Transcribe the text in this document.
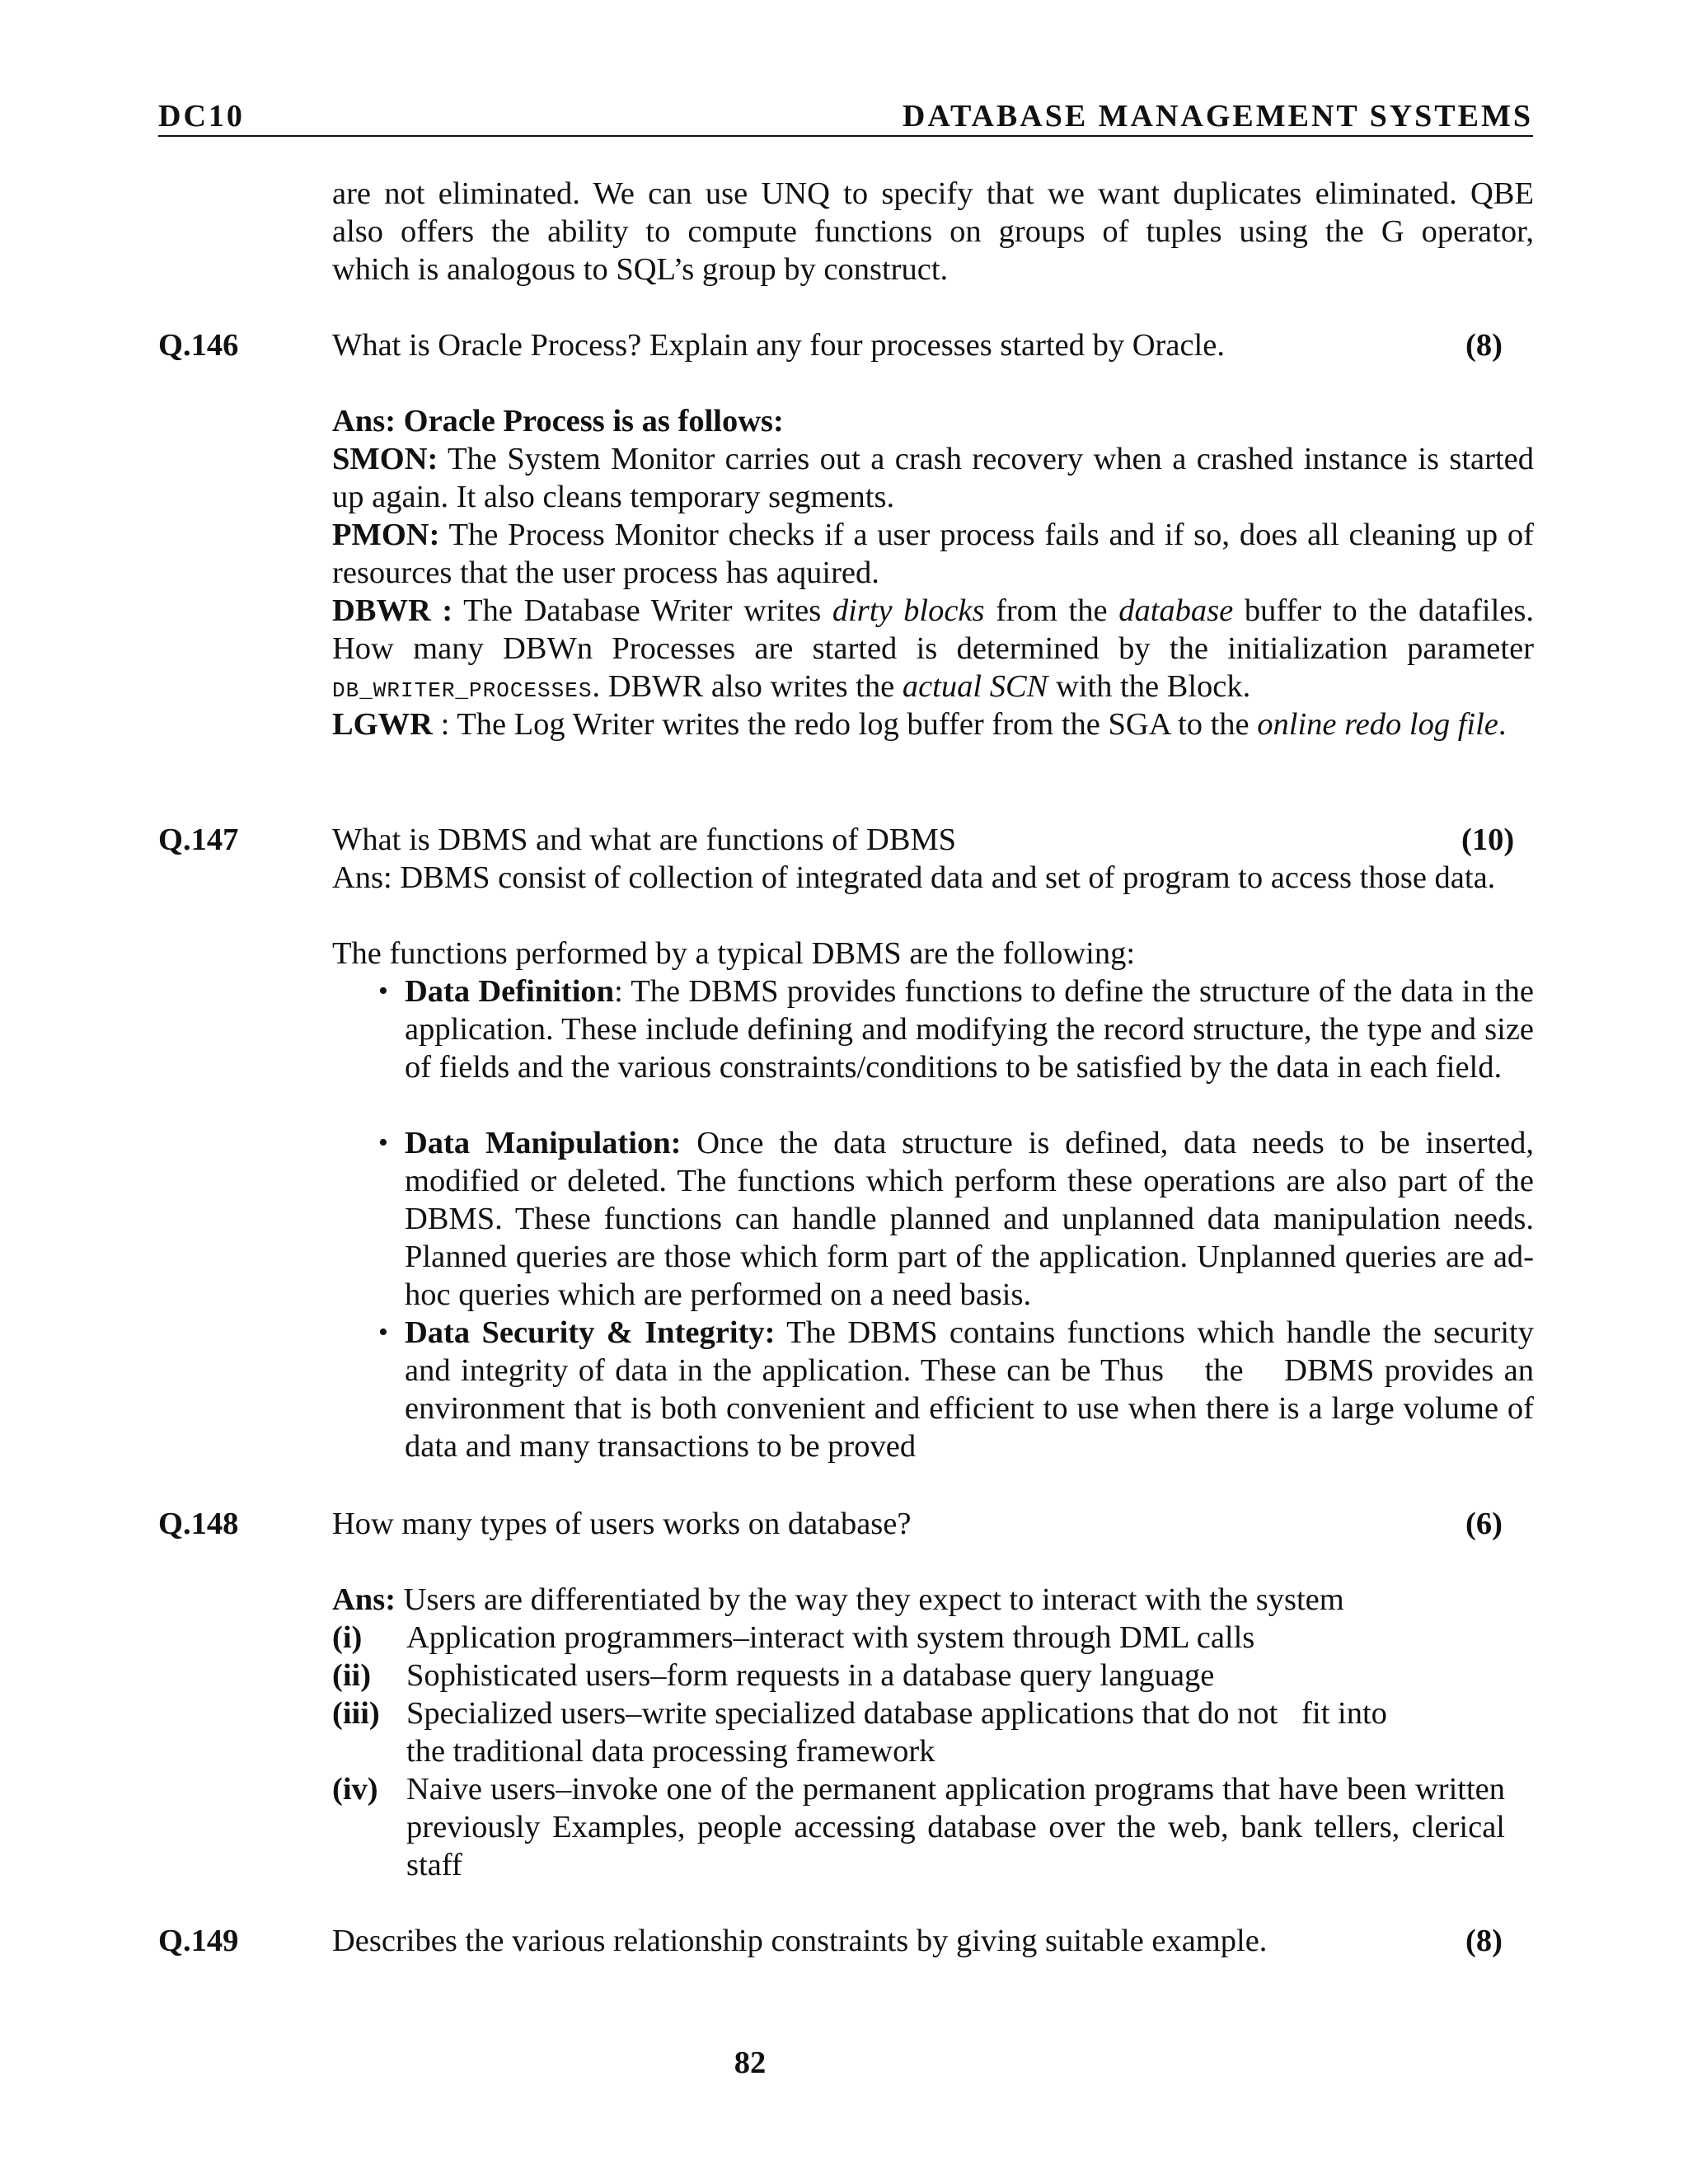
DC10	DATABASE MANAGEMENT SYSTEMS
are not eliminated. We can use UNQ to specify that we want duplicates eliminated. QBE
also offers the ability to compute functions on groups of tuples using the G operator,
which is analogous to SQL’s group by construct.
Q.146	What is Oracle Process? Explain any four processes started by Oracle.	(8)
Ans: Oracle Process is as follows:
SMON: The System Monitor carries out a crash recovery when a crashed instance is started up again. It also cleans temporary segments.
PMON: The Process Monitor checks if a user process fails and if so, does all cleaning up of resources that the user process has aquired.
DBWR : The Database Writer writes dirty blocks from the database buffer to the datafiles. How many DBWn Processes are started is determined by the initialization parameter DB_WRITER_PROCESSES. DBWR also writes the actual SCN with the Block.
LGWR : The Log Writer writes the redo log buffer from the SGA to the online redo log file.
Q.147	What is DBMS and what are functions of DBMS	(10)
Ans: DBMS consist of collection of integrated data and set of program to access those data.
The functions performed by a typical DBMS are the following:
• Data Definition: The DBMS provides functions to define the structure of the data in the application. These include defining and modifying the record structure, the type and size of fields and the various constraints/conditions to be satisfied by the data in each field.
• Data Manipulation: Once the data structure is defined, data needs to be inserted, modified or deleted. The functions which perform these operations are also part of the DBMS. These functions can handle planned and unplanned data manipulation needs. Planned queries are those which form part of the application. Unplanned queries are ad-hoc queries which are performed on a need basis.
• Data Security & Integrity: The DBMS contains functions which handle the security and integrity of data in the application. These can be Thus    the    DBMS provides an environment that is both convenient and efficient to use when there is a large volume of data and many transactions to be proved
Q.148	How many types of users works on database?	(6)
Ans: Users are differentiated by the way they expect to interact with the system
(i) Application programmers–interact with system through DML calls
(ii) Sophisticated users–form requests in a database query language
(iii) Specialized users–write specialized database applications that do not   fit into
the traditional data processing framework
(iv) Naive users–invoke one of the permanent application programs that have been written previously Examples, people accessing database over the web, bank tellers, clerical staff
Q.149	Describes the various relationship constraints by giving suitable example.	(8)
82
